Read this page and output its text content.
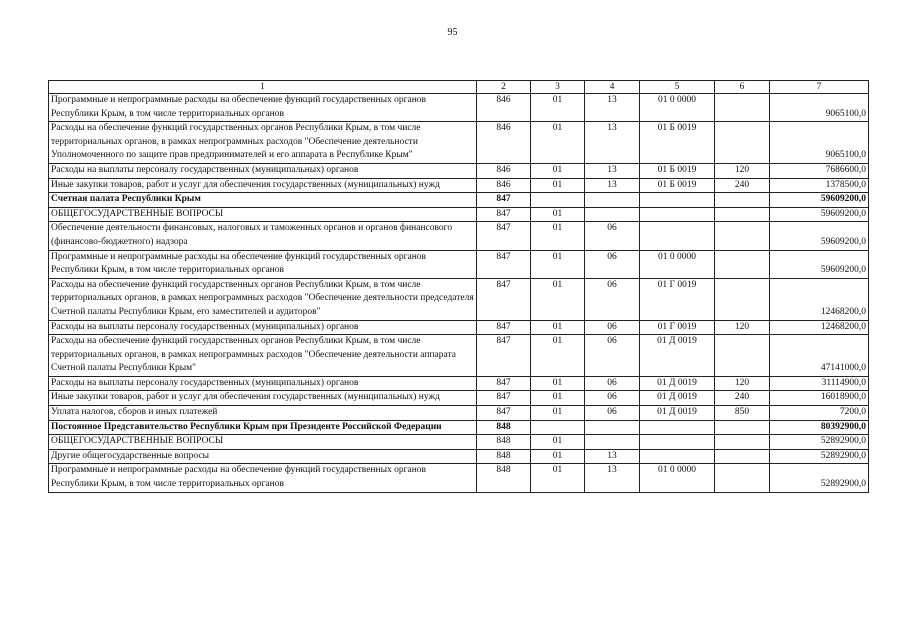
95
1	2	3	4	5	6	7
Программные и непрограммные расходы на обеспечение функций государственных органов Республики Крым, в том числе территориальных органов	846	01	13	01 0 0000		9065100,0
Расходы на обеспечение функций государственных органов Республики Крым, в том числе территориальных органов, в рамках непрограммных расходов "Обеспечение деятельности Уполномоченного по защите прав предпринимателей и его аппарата в Республике Крым"	846	01	13	01 Б 0019		9065100,0
Расходы на выплаты персоналу государственных (муниципальных) органов	846	01	13	01 Б 0019	120	7686600,0
Иные закупки товаров, работ и услуг для обеспечения государственных (муниципальных) нужд	846	01	13	01 Б 0019	240	1378500,0
Счетная палата Республики Крым	847					59609200,0
ОБЩЕГОСУДАРСТВЕННЫЕ ВОПРОСЫ	847	01				59609200,0
Обеспечение деятельности финансовых, налоговых и таможенных органов и органов финансового (финансово-бюджетного) надзора	847	01	06			59609200,0
Программные и непрограммные расходы на обеспечение функций государственных органов Республики Крым, в том числе территориальных органов	847	01	06	01 0 0000		59609200,0
Расходы на обеспечение функций государственных органов Республики Крым, в том числе территориальных органов, в рамках непрограммных расходов "Обеспечение деятельности председателя Счетной палаты Республики Крым, его заместителей и аудиторов"	847	01	06	01 Г 0019		12468200,0
Расходы на выплаты персоналу государственных (муниципальных) органов	847	01	06	01 Г 0019	120	12468200,0
Расходы на обеспечение функций государственных органов Республики Крым, в том числе территориальных органов, в рамках непрограммных расходов "Обеспечение деятельности аппарата Счетной палаты Республики Крым"	847	01	06	01 Д 0019		47141000,0
Расходы на выплаты персоналу государственных (муниципальных) органов	847	01	06	01 Д 0019	120	31114900,0
Иные закупки товаров, работ и услуг для обеспечения государственных (муниципальных) нужд	847	01	06	01 Д 0019	240	16018900,0
Уплата налогов, сборов и иных платежей	847	01	06	01 Д 0019	850	7200,0
Постоянное Представительство Республики Крым при Президенте Российской Федерации	848					80392900,0
ОБЩЕГОСУДАРСТВЕННЫЕ ВОПРОСЫ	848	01				52892900,0
Другие общегосударственные вопросы	848	01	13			52892900,0
Программные и непрограммные расходы на обеспечение функций государственных органов Республики Крым, в том числе территориальных органов	848	01	13	01 0 0000		52892900,0
